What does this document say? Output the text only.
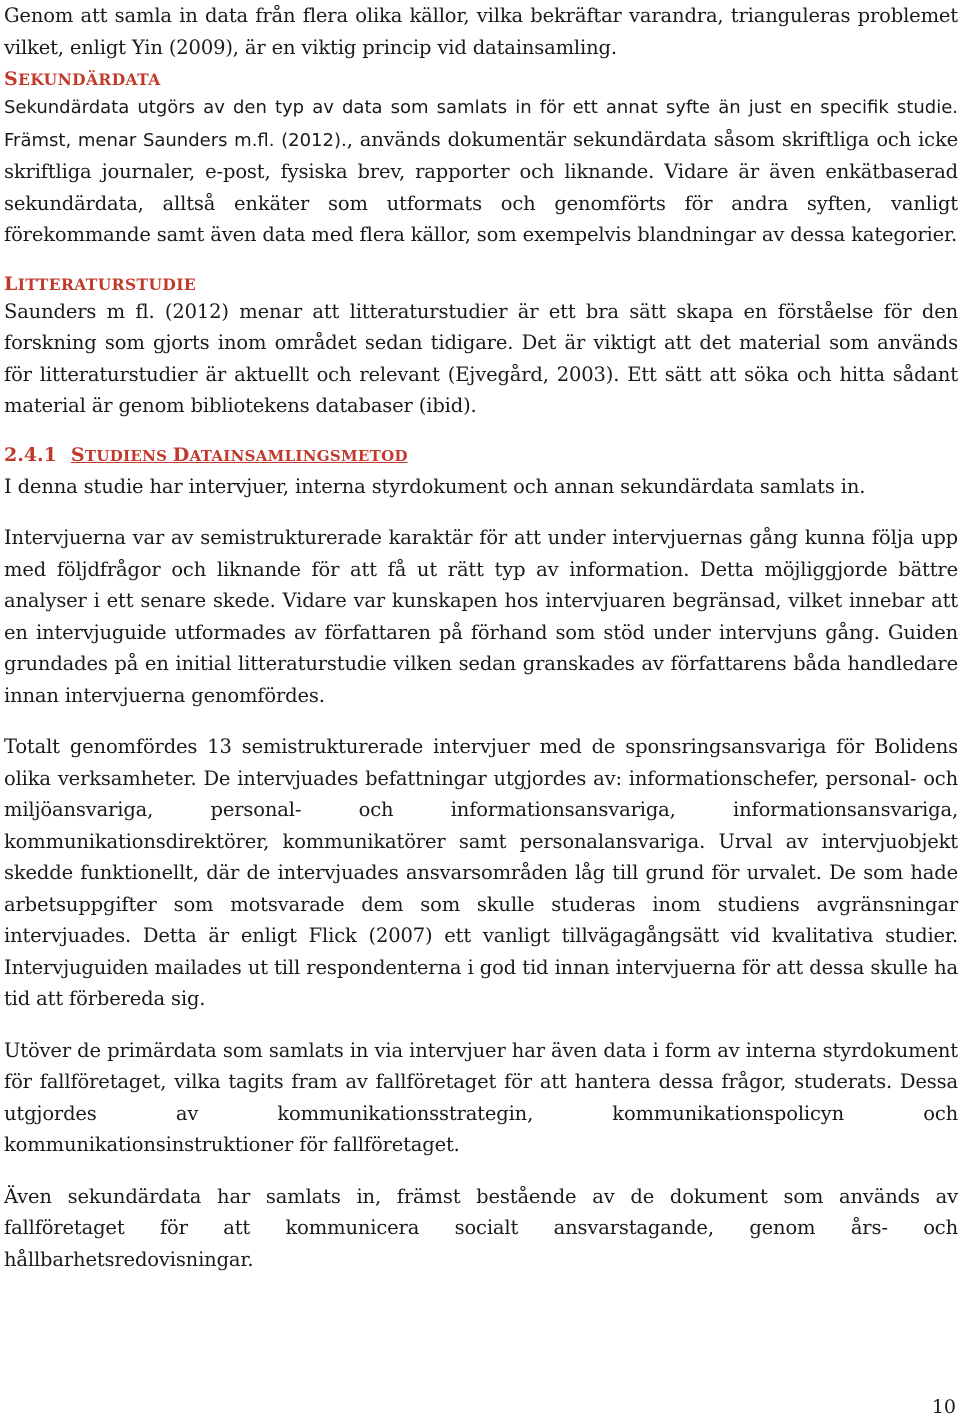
Genom att samla in data från flera olika källor, vilka bekräftar varandra, trianguleras problemet vilket, enligt Yin (2009), är en viktig princip vid datainsamling.

SEKUNDÄRDATA

Sekundärdata utgörs av den typ av data som samlats in för ett annat syfte än just en specifik studie. Främst, menar Saunders m.fl. (2012)., används dokumentär sekundärdata såsom skriftliga och icke skriftliga journaler, e-post, fysiska brev, rapporter och liknande. Vidare är även enkätbaserad sekundärdata, alltså enkäter som utformats och genomförts för andra syften, vanligt förekommande samt även data med flera källor, som exempelvis blandningar av dessa kategorier.

LITTERATURSTUDIE

Saunders m fl. (2012) menar att litteraturstudier är ett bra sätt skapa en förståelse för den forskning som gjorts inom området sedan tidigare. Det är viktigt att det material som används för litteraturstudier är aktuellt och relevant (Ejvegård, 2003). Ett sätt att söka och hitta sådant material är genom bibliotekens databaser (ibid).

2.4.1 STUDIENS DATAINSAMLINGSMETOD

I denna studie har intervjuer, interna styrdokument och annan sekundärdata samlats in.

Intervjuerna var av semistrukturerade karaktär för att under intervjuernas gång kunna följa upp med följdfrågor och liknande för att få ut rätt typ av information. Detta möjliggjorde bättre analyser i ett senare skede. Vidare var kunskapen hos intervjuaren begränsad, vilket innebar att en intervjuguide utformades av författaren på förhand som stöd under intervjuns gång. Guiden grundades på en initial litteraturstudie vilken sedan granskades av författarens båda handledare innan intervjuerna genomfördes.

Totalt genomfördes 13 semistrukturerade intervjuer med de sponsringsansvariga för Bolidens olika verksamheter. De intervjuades befattningar utgjordes av: informationschefer, personal- och miljöansvariga, personal- och informationsansvariga, informationsansvariga, kommunikationsdirektörer, kommunikatörer samt personalansvariga. Urval av intervjuobjekt skedde funktionellt, där de intervjuades ansvarsområden låg till grund för urvalet. De som hade arbetsuppgifter som motsvarade dem som skulle studeras inom studiens avgränsningar intervjuades. Detta är enligt Flick (2007) ett vanligt tillvägagångsätt vid kvalitativa studier. Intervjuguiden mailades ut till respondenterna i god tid innan intervjuerna för att dessa skulle ha tid att förbereda sig.

Utöver de primärdata som samlats in via intervjuer har även data i form av interna styrdokument för fallföretaget, vilka tagits fram av fallföretaget för att hantera dessa frågor, studerats. Dessa utgjordes av kommunikationsstrategin, kommunikationspolicyn och kommunikationsinstruktioner för fallföretaget.

Även sekundärdata har samlats in, främst bestående av de dokument som används av fallföretaget för att kommunicera socialt ansvarstagande, genom års- och hållbarhetsredovisningar.

10
